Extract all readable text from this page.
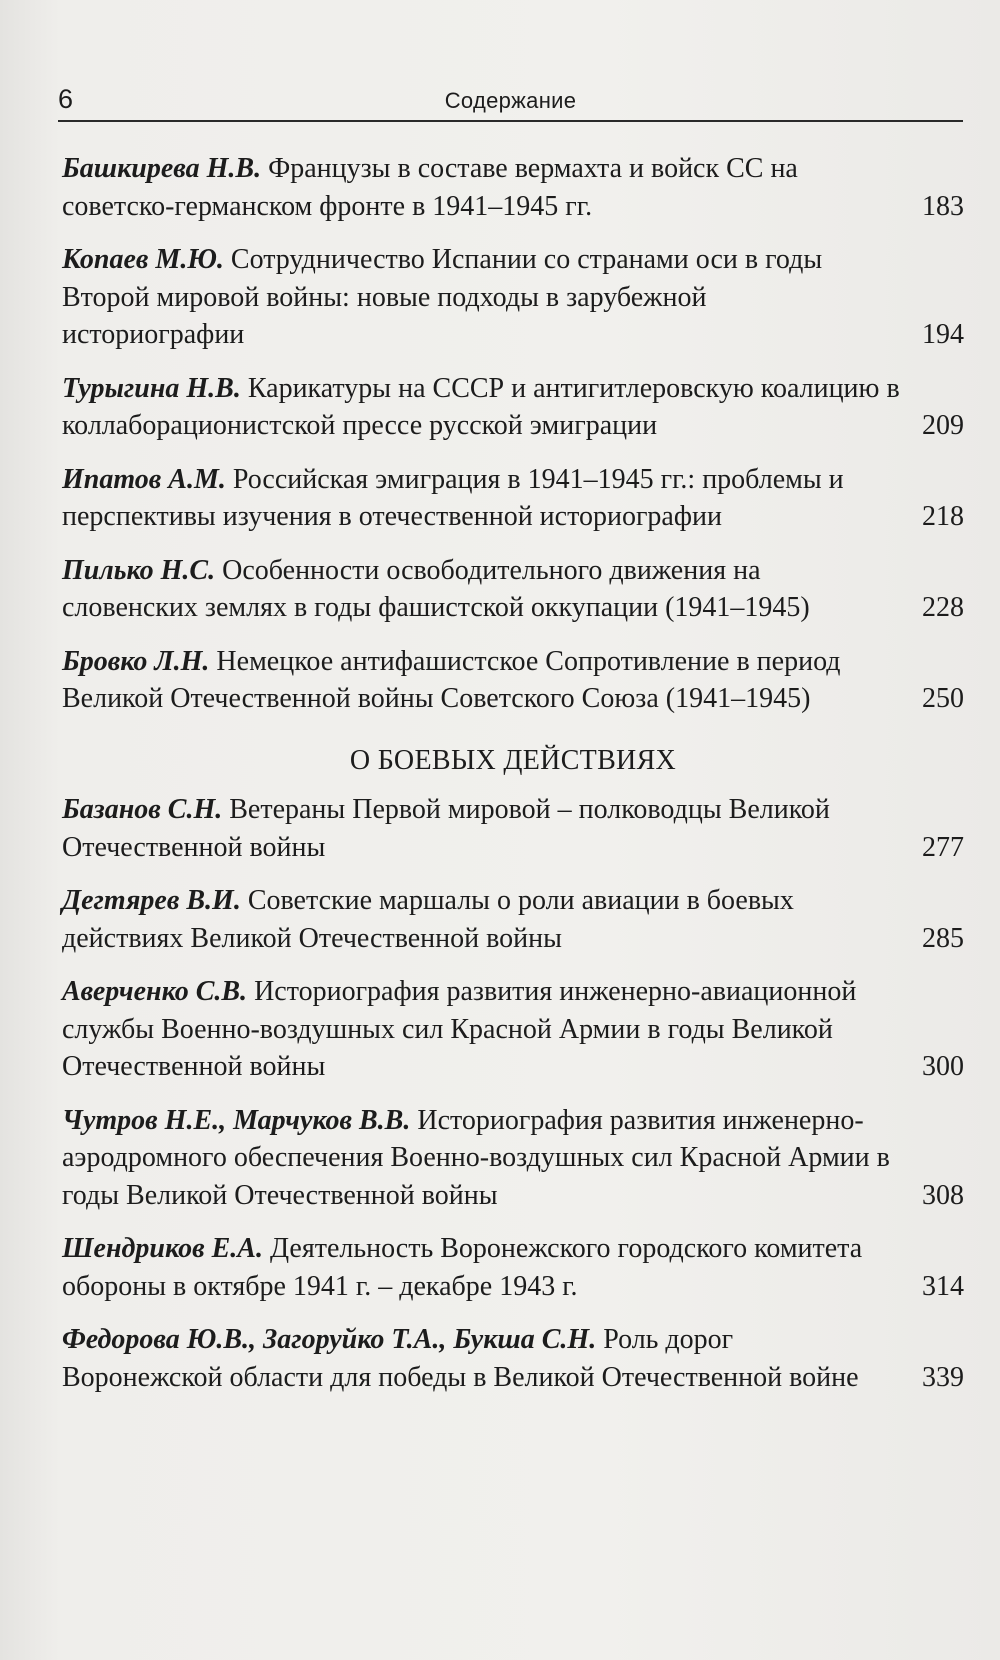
6	Содержание
Башкирева Н.В. Французы в составе вермахта и войск СС на советско-германском фронте в 1941–1945 гг.	183
Копаев М.Ю. Сотрудничество Испании со странами оси в годы Второй мировой войны: новые подходы в зарубежной историографии	194
Турыгина Н.В. Карикатуры на СССР и антигитлеровскую коалицию в коллаборационистской прессе русской эмиграции	209
Ипатов А.М. Российская эмиграция в 1941–1945 гг.: проблемы и перспективы изучения в отечественной историографии	218
Пилько Н.С. Особенности освободительного движения на словенских землях в годы фашистской оккупации (1941–1945)	228
Бровко Л.Н. Немецкое антифашистское Сопротивление в период Великой Отечественной войны Советского Союза (1941–1945)	250
О БОЕВЫХ ДЕЙСТВИЯХ
Базанов С.Н. Ветераны Первой мировой – полководцы Великой Отечественной войны	277
Дегтярев В.И. Советские маршалы о роли авиации в боевых действиях Великой Отечественной войны	285
Аверченко С.В. Историография развития инженерно-авиационной службы Военно-воздушных сил Красной Армии в годы Великой Отечественной войны	300
Чутров Н.Е., Марчуков В.В. Историография развития инженерно-аэродромного обеспечения Военно-воздушных сил Красной Армии в годы Великой Отечественной войны	308
Шендриков Е.А. Деятельность Воронежского городского комитета обороны в октябре 1941 г. – декабре 1943 г.	314
Федорова Ю.В., Загоруйко Т.А., Букша С.Н. Роль дорог Воронежской области для победы в Великой Отечественной войне	339
